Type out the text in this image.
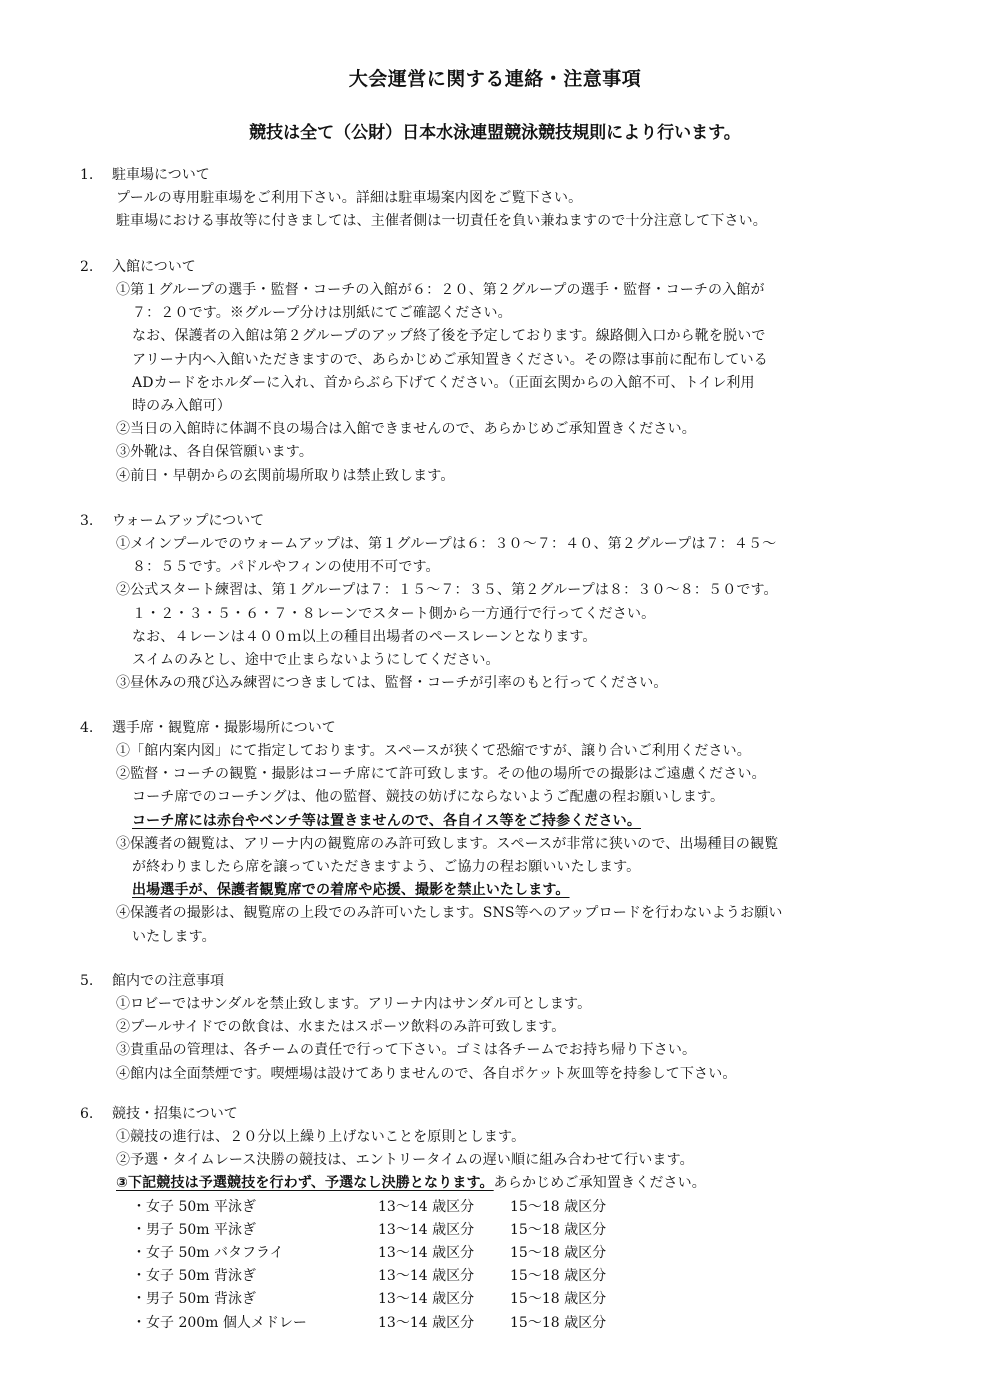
大会運営に関する連絡・注意事項
競技は全て（公財）日本水泳連盟競泳競技規則により行います。
1. 駐車場について
プールの専用駐車場をご利用下さい。詳細は駐車場案内図をご覧下さい。
駐車場における事故等に付きましては、主催者側は一切責任を負い兼ねますので十分注意して下さい。
2. 入館について
①第１グループの選手・監督・コーチの入館が６：２０、第２グループの選手・監督・コーチの入館が
７：２０です。※グループ分けは別紙にてご確認ください。
なお、保護者の入館は第２グループのアップ終了後を予定しております。線路側入口から靴を脱いで
アリーナ内へ入館いただきますので、あらかじめご承知置きください。その際は事前に配布している
ADカードをホルダーに入れ、首からぶら下げてください。（正面玄関からの入館不可、トイレ利用
時のみ入館可）
②当日の入館時に体調不良の場合は入館できませんので、あらかじめご承知置きください。
③外靴は、各自保管願います。
④前日・早朝からの玄関前場所取りは禁止致します。
3. ウォームアップについて
①メインプールでのウォームアップは、第１グループは６：３０～７：４０、第２グループは７：４５～
８：５５です。パドルやフィンの使用不可です。
②公式スタート練習は、第１グループは７：１５～７：３５、第２グループは８：３０～８：５０です。
１・２・３・５・６・７・８レーンでスタート側から一方通行で行ってください。
なお、４レーンは４００ｍ以上の種目出場者のペースレーンとなります。
スイムのみとし、途中で止まらないようにしてください。
③昼休みの飛び込み練習につきましては、監督・コーチが引率のもと行ってください。
4. 選手席・観覧席・撮影場所について
①「館内案内図」にて指定しております。スペースが狭くて恐縮ですが、譲り合いご利用ください。
②監督・コーチの観覧・撮影はコーチ席にて許可致します。その他の場所での撮影はご遠慮ください。
コーチ席でのコーチングは、他の監督、競技の妨げにならないようご配慮の程お願いします。
コーチ席には赤台やベンチ等は置きませんので、各自イス等をご持参ください。
③保護者の観覧は、アリーナ内の観覧席のみ許可致します。スペースが非常に狭いので、出場種目の観覧
が終わりましたら席を譲っていただきますよう、ご協力の程お願いいたします。
出場選手が、保護者観覧席での着席や応援、撮影を禁止いたします。
④保護者の撮影は、観覧席の上段でのみ許可いたします。SNS等へのアップロードを行わないようお願い
いたします。
5. 館内での注意事項
①ロビーではサンダルを禁止致します。アリーナ内はサンダル可とします。
②プールサイドでの飲食は、水またはスポーツ飲料のみ許可致します。
③貴重品の管理は、各チームの責任で行って下さい。ゴミは各チームでお持ち帰り下さい。
④館内は全面禁煙です。喫煙場は設けてありませんので、各自ポケット灰皿等を持参して下さい。
6. 競技・招集について
①競技の進行は、２０分以上繰り上げないことを原則とします。
②予選・タイムレース決勝の競技は、エントリータイムの遅い順に組み合わせて行います。
③下記競技は予選競技を行わず、予選なし決勝となります。あらかじめご承知置きください。
・女子 50m 平泳ぎ	13～14 歳区分	15～18 歳区分
・男子 50m 平泳ぎ	13～14 歳区分	15～18 歳区分
・女子 50m バタフライ	13～14 歳区分	15～18 歳区分
・女子 50m 背泳ぎ	13～14 歳区分	15～18 歳区分
・男子 50m 背泳ぎ	13～14 歳区分	15～18 歳区分
・女子 200m 個人メドレー	13～14 歳区分	15～18 歳区分
